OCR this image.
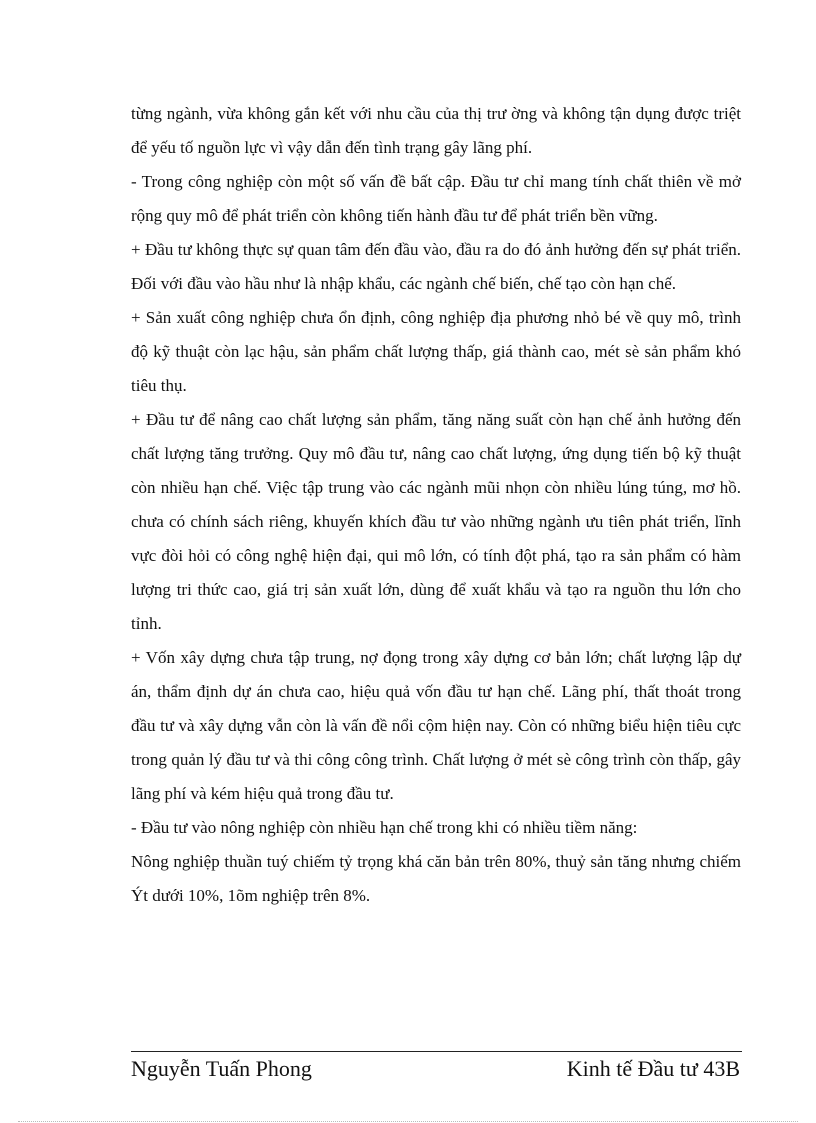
từng ngành, vừa không gắn kết với nhu cầu của thị trư ờng và không tận dụng được triệt để yếu tố nguồn lực vì vậy dẫn đến tình trạng gây lãng phí.

- Trong công nghiệp còn một số vấn đề bất cập. Đầu tư chỉ mang tính chất thiên về mở rộng quy mô để phát triển còn không tiến hành đầu tư để phát triển bền vững.

+ Đầu tư không thực sự quan tâm đến đầu vào, đầu ra do đó ảnh hưởng đến sự phát triển. Đối với đầu vào hầu như là nhập khẩu, các ngành chế biến, chế tạo còn hạn chế.

+ Sản xuất công nghiệp chưa ổn định, công nghiệp địa phương nhỏ bé về quy mô, trình độ kỹ thuật còn lạc hậu, sản phẩm chất lượng thấp, giá thành cao, mét sè sản phẩm khó tiêu thụ.

+ Đầu tư để nâng cao chất lượng sản phẩm, tăng năng suất còn hạn chế ảnh hưởng đến chất lượng tăng trưởng. Quy mô đầu tư, nâng cao chất lượng, ứng dụng tiến bộ kỹ thuật còn nhiều hạn chế. Việc tập trung vào các ngành mũi nhọn còn nhiều lúng túng, mơ hồ. chưa có chính sách riêng, khuyến khích đầu tư vào những ngành ưu tiên phát triển, lĩnh vực đòi hỏi có công nghệ hiện đại, qui mô lớn, có tính đột phá, tạo ra sản phẩm có hàm lượng tri thức cao, giá trị sản xuất lớn, dùng để xuất khẩu và tạo ra nguồn thu lớn cho tỉnh.

+ Vốn xây dựng chưa tập trung, nợ đọng trong xây dựng cơ bản lớn; chất lượng lập dự án, thẩm định dự án chưa cao, hiệu quả vốn đầu tư hạn chế. Lãng phí, thất thoát trong đầu tư và xây dựng vẫn còn là vấn đề nổi cộm hiện nay. Còn có những biểu hiện tiêu cực trong quản lý đầu tư và thi công công trình. Chất lượng ở mét sè công trình còn thấp, gây lãng phí và kém hiệu quả trong đầu tư.

- Đầu tư vào nông nghiệp còn nhiều hạn chế trong khi có nhiều tiềm năng:

Nông nghiệp thuần tuý chiếm tỷ trọng khá căn bản trên 80%, thuỷ sản tăng nhưng chiếm Ýt dưới 10%, 1õm nghiệp trên 8%.

Nguyễn Tuấn Phong	Kinh tế Đầu tư 43B
